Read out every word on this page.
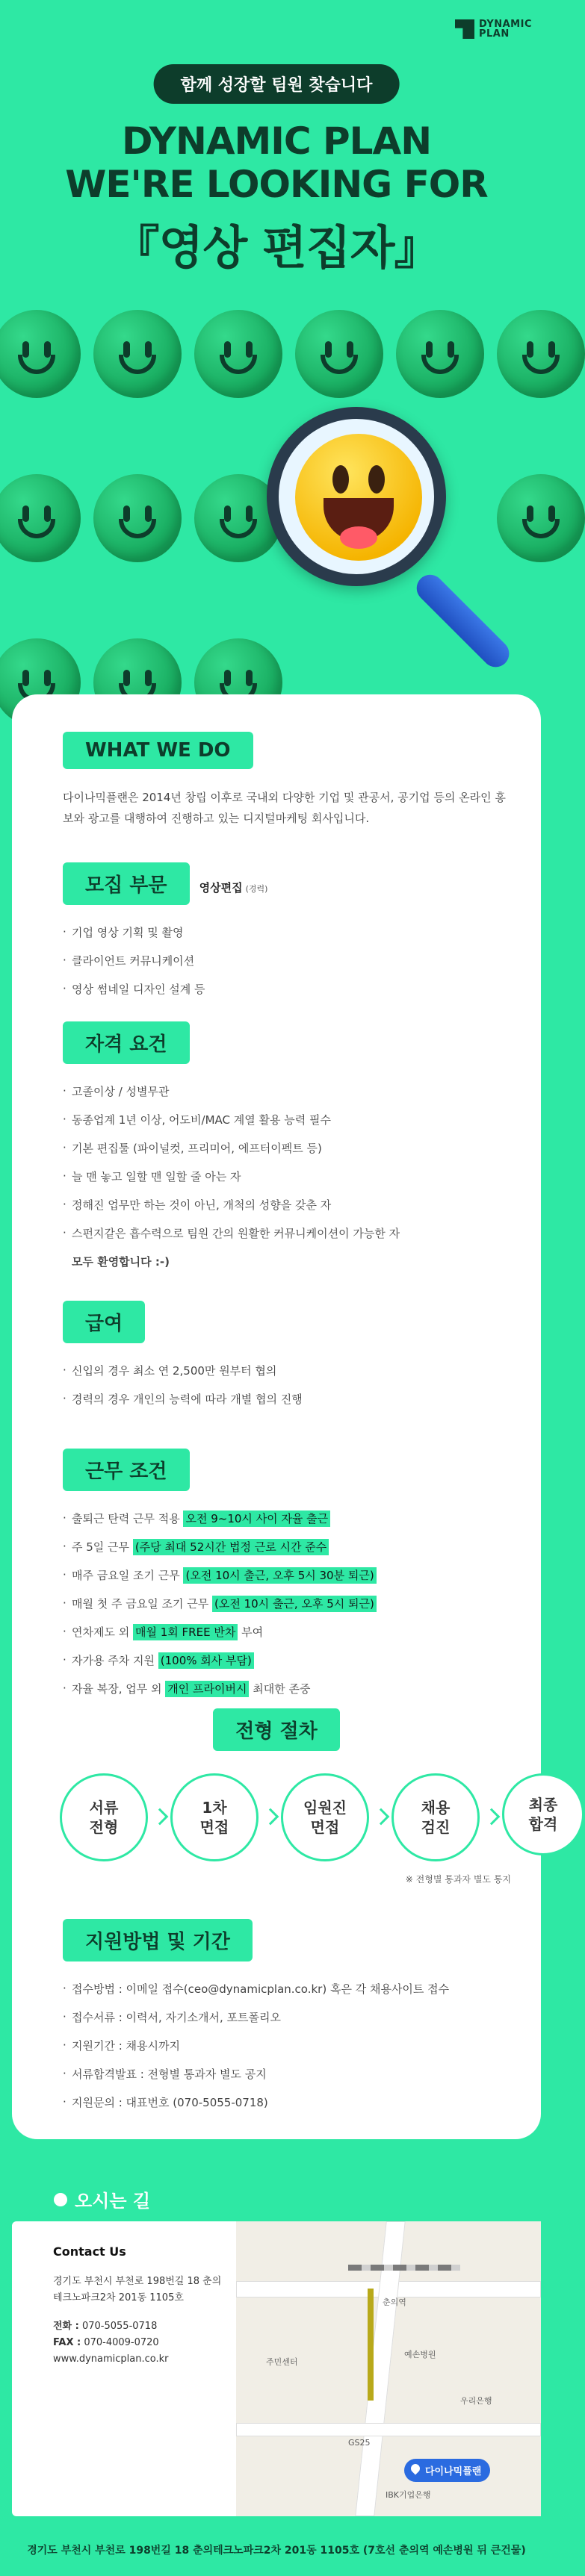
DYNAMIC
PLAN
함께 성장할 팀원 찾습니다
DYNAMIC PLAN
WE'RE LOOKING FOR
『영상 편집자』
WHAT WE DO

다이나믹플랜은 2014년 창립 이후로 국내외 다양한 기업 및 관공서, 공기업 등의 온라인 홍보와 광고를 대행하여 진행하고 있는 디지털마케팅 회사입니다.

모집 부문	영상편집 (경력)
· 기업 영상 기획 및 촬영
· 클라이언트 커뮤니케이션
· 영상 썸네일 디자인 설계 등
자격 요건
· 고졸이상 / 성별무관
· 동종업계 1년 이상, 어도비/MAC 계열 활용 능력 필수
· 기본 편집툴 (파이널컷, 프리미어, 에프터이펙트 등)
· 늘 맨 놓고 일할 맨 일할 줄 아는 자
· 정해진 업무만 하는 것이 아닌, 개척의 성향을 갖춘 자
· 스펀지같은 흡수력으로 팀원 간의 원활한 커뮤니케이션이 가능한 자
모두 환영합니다 :-)
급여
· 신입의 경우 최소 연 2,500만 원부터 협의
· 경력의 경우 개인의 능력에 따라 개별 협의 진행
근무 조건
· 출퇴근 탄력 근무 적용 오전 9~10시 사이 자율 출근
· 주 5일 근무 (주당 최대 52시간 법정 근로 시간 준수
· 매주 금요일 조기 근무 (오전 10시 출근, 오후 5시 30분 퇴근)
· 매월 첫 주 금요일 조기 근무 (오전 10시 출근, 오후 5시 퇴근)
· 연차제도 외 매월 1회 FREE 반차 부여
· 자가용 주차 지원 (100% 회사 부담)
· 자율 복장, 업무 외 개인 프라이버시 최대한 존중
전형 절차
서류
전형
1차
면접
임원진
면접
채용
검진
최종
합격
※ 전형별 통과자 별도 통지
지원방법 및 기간
· 접수방법 : 이메일 접수(ceo@dynamicplan.co.kr) 혹은 각 채용사이트 접수
· 접수서류 : 이력서, 자기소개서, 포트폴리오
· 지원기간 : 채용시까지
· 서류합격발표 : 전형별 통과자 별도 공지
· 지원문의 : 대표번호 (070-5055-0718)
오시는 길
Contact Us

경기도 부천시 부천로 198번길 18 춘의테크노파크2차 201동 1105호

전화 : 070-5055-0718

FAX : 070-4009-0720

www.dynamicplan.co.kr

춘의역
예손병원
우리은행
GS25
IBK기업은행
주민센터
다이나믹플랜
경기도 부천시 부천로 198번길 18 춘의테크노파크2차 201동 1105호 (7호선 춘의역 예손병원 뒤 큰건물)
